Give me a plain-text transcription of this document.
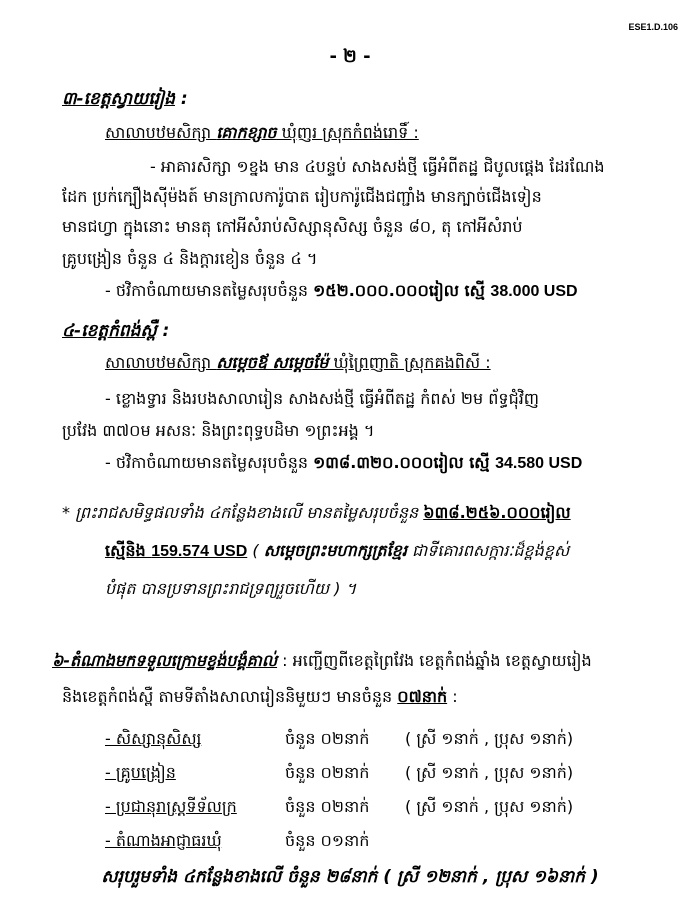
ESE1.D.106
- ២ -
៣-ខេត្តស្វាយរៀង :
សាលាបឋមសិក្សា គោកខ្សាច ឃុំញរ ស្រុកកំពង់រោទិ៍ :
- អាគារសិក្សា ១ខ្នង មាន ៤បន្ទប់ សាងសង់ថ្មី ធ្វើអំពីតដ្ឋ ជិបូលផ្ដេង ដែរណែង
ដែក ប្រក់ក្បឿងស៊ីម៉ងត៍ មានក្រាលការ៉ូបាត រៀបការ៉ូជើងជញ្ជាំង មានក្បាច់ជើងទៀន
មានជហ្វា ក្នុងនោះ មានតុ កៅអីសំរាប់សិស្សានុសិស្ស ចំនួន ៨០, តុ កៅអីសំរាប់
គ្រូបង្រៀន ចំនួន ៤ និងក្ដារខៀន ចំនួន ៤ ។
- ថវិកាចំណាយមានតម្លៃសរុបចំនួន ១៥២.០០០.០០០រៀល ស្មើ 38.000 USD
៤-ខេត្តកំពង់ស្ពឺ :
សាលាបឋមសិក្សា សម្ដេចឪ សម្ដេចម៉ែ ឃុំព្រៃញាតិ ស្រុកគងពិសី :
- ខ្លោងទ្វារ និងរបងសាលារៀន សាងសង់ថ្មី ធ្វើអំពីតដ្ឋ កំពស់ ២ម ព័ទ្ធជុំវិញ
ប្រវែង ៣៧០ម អសនៈ និងព្រះពុទ្ធបដិមា ១ព្រះអង្គ ។
- ថវិកាចំណាយមានតម្លៃសរុបចំនួន ១៣៨.៣២០.០០០រៀល ស្មើ 34.580 USD
* ព្រះរាជសមិទ្ធផលទាំង ៤កន្លែងខាងលើ មានតម្លៃសរុបចំនួន ៦៣៨.២៥៦.០០០រៀល
ស្មើនិង 159.574 USD ( សម្ដេចព្រះមហាក្សត្រខ្មែរ ជាទីគោរពសក្ការៈដ៏ខ្ពង់ខ្ពស់
បំផុត បានប្រទានព្រះរាជទ្រព្យរួចហើយ ) ។
៦-តំណាងមកទទួលក្រោមខ្ទង់បង្គំគាល់ : អញ្ជើញពីខេត្តព្រៃវែង ខេត្តកំពង់ឆ្នាំង ខេត្តស្វាយរៀង
និងខេត្តកំពង់ស្ពឺ តាមទីតាំងសាលារៀននិមួយៗ មានចំនួន ០៧នាក់ :
- សិស្សានុសិស្ស	ចំនួន ០២នាក់ ( ស្រី ១នាក់ , ប្រុស ១នាក់)
- គ្រូបង្រៀន	ចំនួន ០២នាក់ ( ស្រី ១នាក់ , ប្រុស ១នាក់)
- ប្រជានុរាស្ត្រទីទ័លក្រ	ចំនួន ០២នាក់ ( ស្រី ១នាក់ , ប្រុស ១នាក់)
- តំណាងអាជ្ញាធរឃុំ	ចំនួន ០១នាក់
សរុបរួមទាំង ៤កន្លែងខាងលើ ចំនួន ២៨នាក់ ( ស្រី ១២នាក់ , ប្រុស ១៦នាក់ )
